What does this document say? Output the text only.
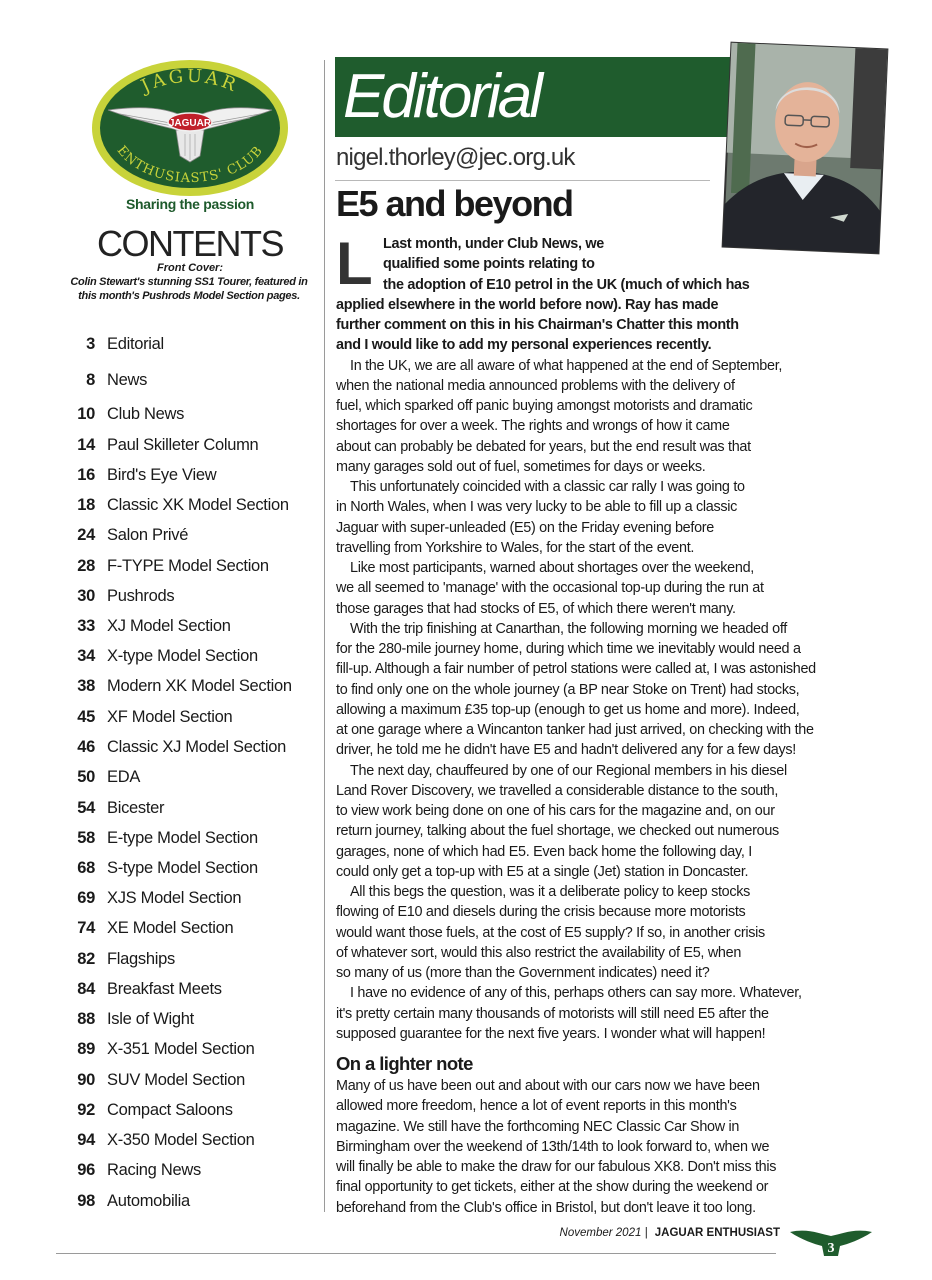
JAGUAR
ENTHUSIASTS' CLUB
JAGUAR
Sharing the passion
CONTENTS
Front Cover:
Colin Stewart's stunning SS1 Tourer, featured in
this month's Pushrods Model Section pages.
3 Editorial
8 News
10 Club News
14 Paul Skilleter Column
16 Bird's Eye View
18 Classic XK Model Section
24 Salon Privé
28 F-TYPE Model Section
30 Pushrods
33 XJ Model Section
34 X-type Model Section
38 Modern XK Model Section
45 XF Model Section
46 Classic XJ Model Section
50 EDA
54 Bicester
58 E-type Model Section
68 S-type Model Section
69 XJS Model Section
74 XE Model Section
82 Flagships
84 Breakfast Meets
88 Isle of Wight
89 X-351 Model Section
90 SUV Model Section
92 Compact Saloons
94 X-350 Model Section
96 Racing News
98 Automobilia
Editorial
nigel.thorley@jec.org.uk
E5 and beyond
L Last month, under Club News, we
qualified some points relating to
the adoption of E10 petrol in the UK (much of which has
applied elsewhere in the world before now). Ray has made
further comment on this in his Chairman's Chatter this month
and I would like to add my personal experiences recently.
In the UK, we are all aware of what happened at the end of September,
when the national media announced problems with the delivery of
fuel, which sparked off panic buying amongst motorists and dramatic
shortages for over a week. The rights and wrongs of how it came
about can probably be debated for years, but the end result was that
many garages sold out of fuel, sometimes for days or weeks.
This unfortunately coincided with a classic car rally I was going to
in North Wales, when I was very lucky to be able to fill up a classic
Jaguar with super-unleaded (E5) on the Friday evening before
travelling from Yorkshire to Wales, for the start of the event.
Like most participants, warned about shortages over the weekend,
we all seemed to 'manage' with the occasional top-up during the run at
those garages that had stocks of E5, of which there weren't many.
With the trip finishing at Canarthan, the following morning we headed off
for the 280-mile journey home, during which time we inevitably would need a
fill-up. Although a fair number of petrol stations were called at, I was astonished
to find only one on the whole journey (a BP near Stoke on Trent) had stocks,
allowing a maximum £35 top-up (enough to get us home and more). Indeed,
at one garage where a Wincanton tanker had just arrived, on checking with the
driver, he told me he didn't have E5 and hadn't delivered any for a few days!
The next day, chauffeured by one of our Regional members in his diesel
Land Rover Discovery, we travelled a considerable distance to the south,
to view work being done on one of his cars for the magazine and, on our
return journey, talking about the fuel shortage, we checked out numerous
garages, none of which had E5. Even back home the following day, I
could only get a top-up with E5 at a single (Jet) station in Doncaster.
All this begs the question, was it a deliberate policy to keep stocks
flowing of E10 and diesels during the crisis because more motorists
would want those fuels, at the cost of E5 supply? If so, in another crisis
of whatever sort, would this also restrict the availability of E5, when
so many of us (more than the Government indicates) need it?
I have no evidence of any of this, perhaps others can say more. Whatever,
it's pretty certain many thousands of motorists will still need E5 after the
supposed guarantee for the next five years. I wonder what will happen!
On a lighter note
Many of us have been out and about with our cars now we have been
allowed more freedom, hence a lot of event reports in this month's
magazine. We still have the forthcoming NEC Classic Car Show in
Birmingham over the weekend of 13th/14th to look forward to, when we
will finally be able to make the draw for our fabulous XK8. Don't miss this
final opportunity to get tickets, either at the show during the weekend or
beforehand from the Club's office in Bristol, but don't leave it too long.
November 2021 | JAGUAR ENTHUSIAST
3
